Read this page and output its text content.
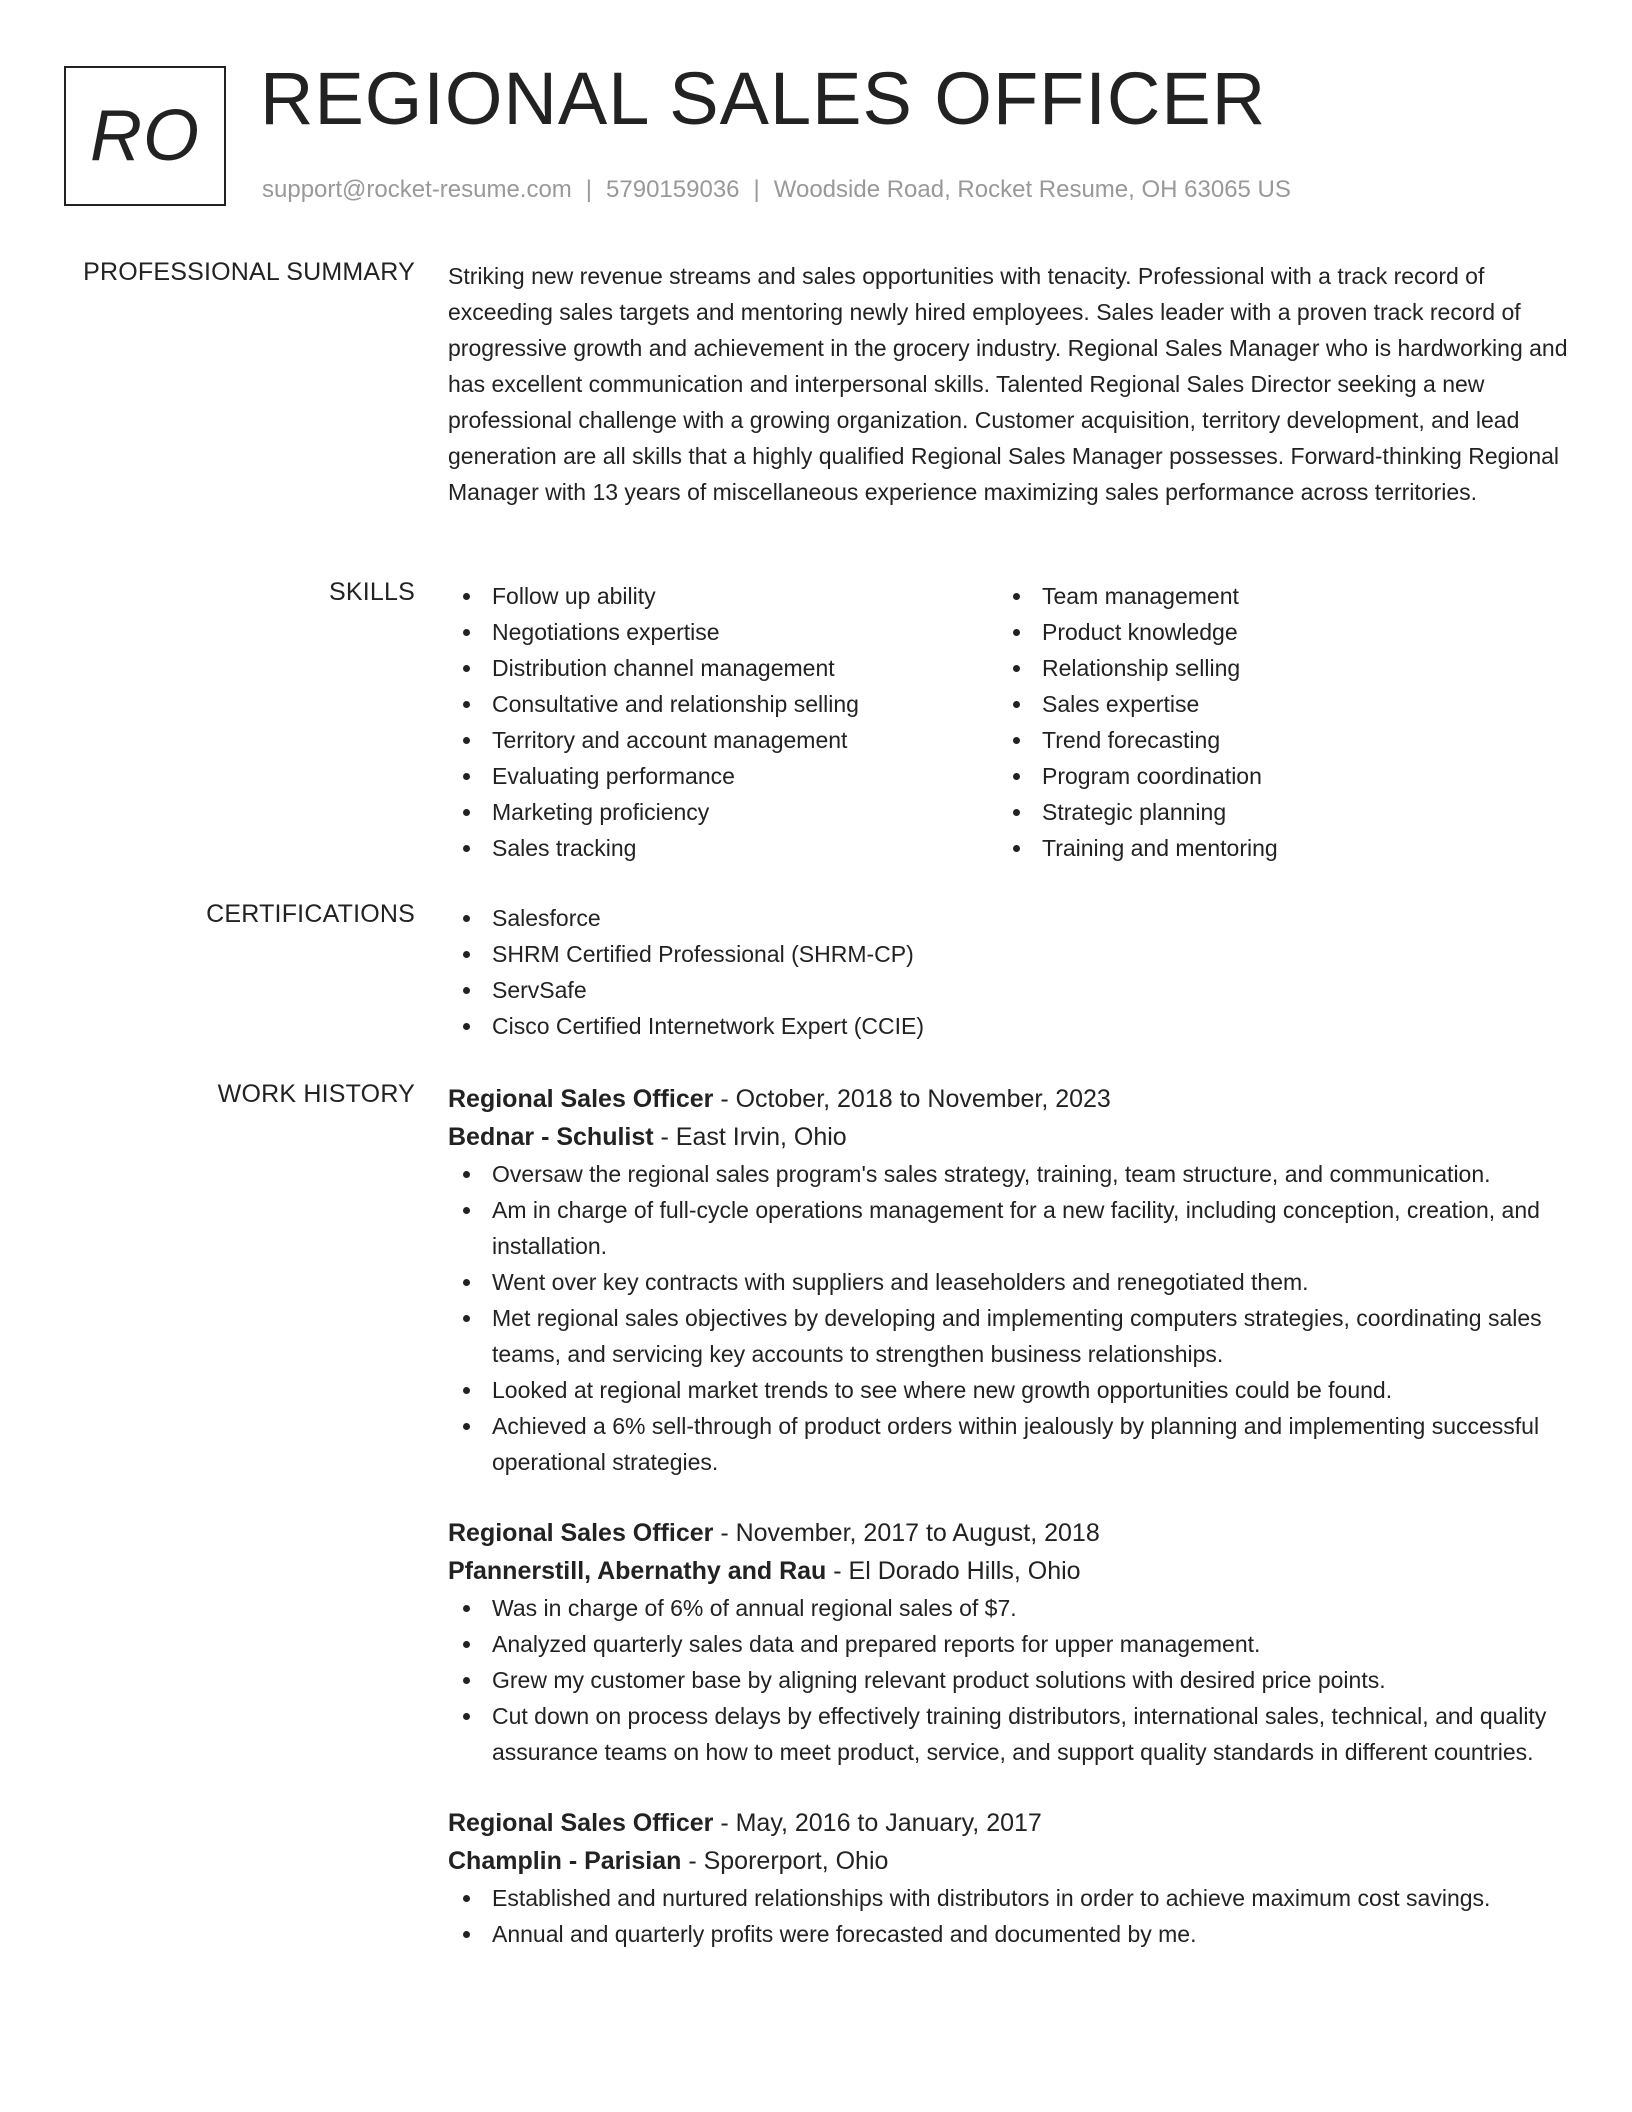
RO REGIONAL SALES OFFICER
support@rocket-resume.com | 5790159036 | Woodside Road, Rocket Resume, OH 63065 US
PROFESSIONAL SUMMARY Striking new revenue streams and sales opportunities with tenacity. Professional with a track record of exceeding sales targets and mentoring newly hired employees. Sales leader with a proven track record of progressive growth and achievement in the grocery industry. Regional Sales Manager who is hardworking and has excellent communication and interpersonal skills. Talented Regional Sales Director seeking a new professional challenge with a growing organization. Customer acquisition, territory development, and lead generation are all skills that a highly qualified Regional Sales Manager possesses. Forward-thinking Regional Manager with 13 years of miscellaneous experience maximizing sales performance across territories.

SKILLS	Follow up ability
Negotiations expertise
Distribution channel management
Consultative and relationship selling
Territory and account management
Evaluating performance
Marketing proficiency
Sales tracking
Team management
Product knowledge
Relationship selling
Sales expertise
Trend forecasting
Program coordination
Strategic planning
Training and mentoring
CERTIFICATIONS	Salesforce
SHRM Certified Professional (SHRM-CP)
ServSafe
Cisco Certified Internetwork Expert (CCIE)
WORK HISTORY Regional Sales Officer - October, 2018 to November, 2023
Bednar - Schulist - East Irvin, Ohio
Oversaw the regional sales program's sales strategy, training, team structure, and communication.
Am in charge of full-cycle operations management for a new facility, including conception, creation, and installation.
Went over key contracts with suppliers and leaseholders and renegotiated them.
Met regional sales objectives by developing and implementing computers strategies, coordinating sales teams, and servicing key accounts to strengthen business relationships.
Looked at regional market trends to see where new growth opportunities could be found.
Achieved a 6% sell-through of product orders within jealously by planning and implementing successful operational strategies.
Regional Sales Officer - November, 2017 to August, 2018
Pfannerstill, Abernathy and Rau - El Dorado Hills, Ohio
Was in charge of 6% of annual regional sales of $7.
Analyzed quarterly sales data and prepared reports for upper management.
Grew my customer base by aligning relevant product solutions with desired price points.
Cut down on process delays by effectively training distributors, international sales, technical, and quality assurance teams on how to meet product, service, and support quality standards in different countries.
Regional Sales Officer - May, 2016 to January, 2017
Champlin - Parisian - Sporerport, Ohio
Established and nurtured relationships with distributors in order to achieve maximum cost savings.
Annual and quarterly profits were forecasted and documented by me.
